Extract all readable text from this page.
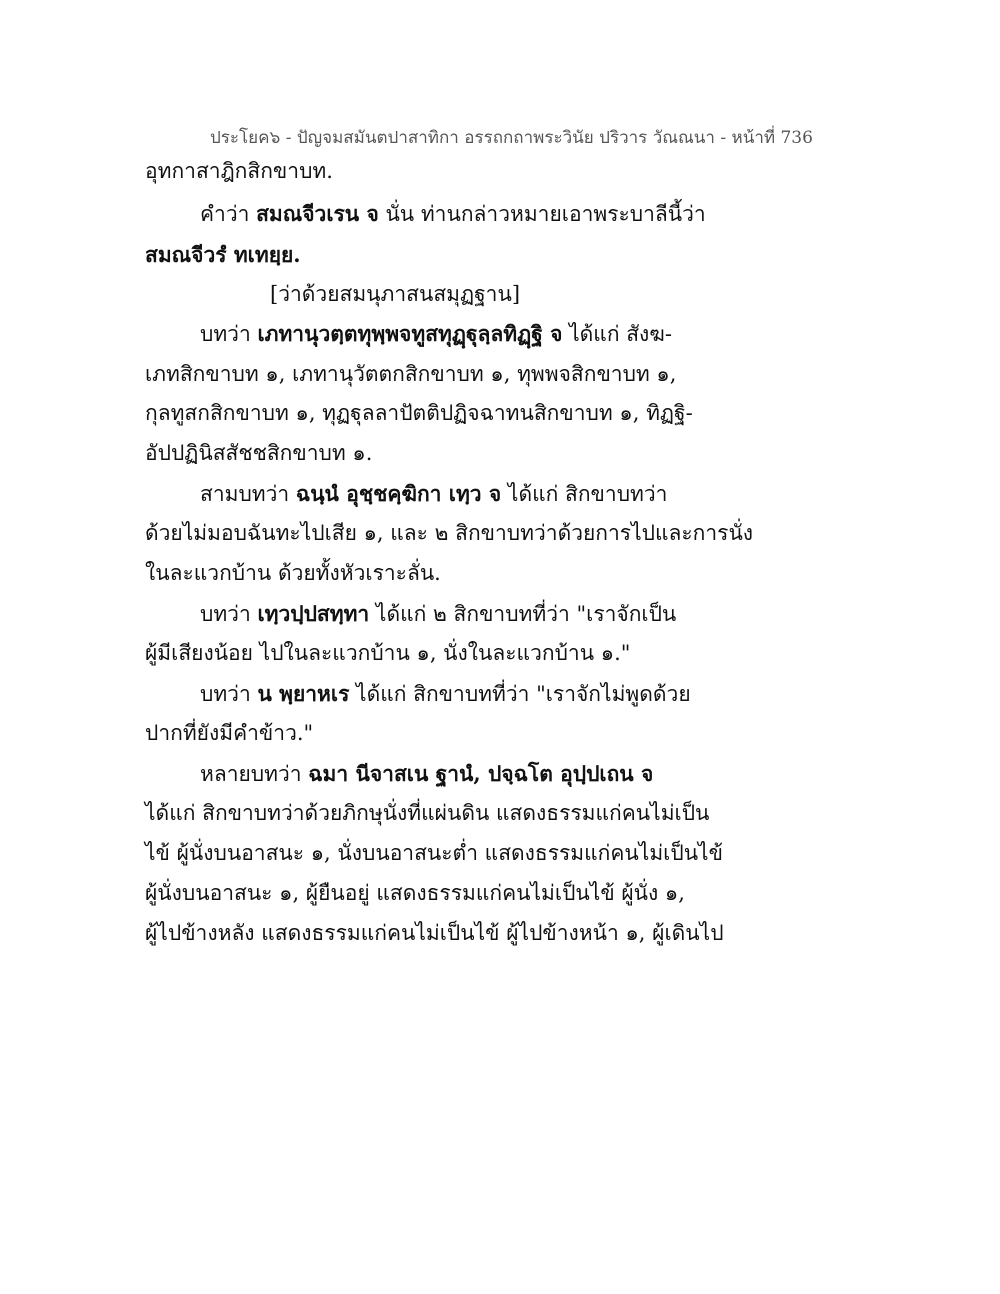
ประโยค๖ - ปัญจมสมันตปาสาทิกา อรรถกถาพระวินัย ปริวาร วัณณนา - หน้าที่ 736
อุทกาสาฎิกสิกขาบท.
คำว่า สมณจีวเรน จ นั่น ท่านกล่าวหมายเอาพระบาลีนี้ว่า
สมณจีวรํ ทเทยฺย.
[ว่าด้วยสมนุภาสนสมุฏฐาน]
บทว่า เภทานุวตฺตทุพฺพจทูสทุฏฺฐุลฺลทิฏฺฐิ จ ได้แก่ สังฆ-
เภทสิกขาบท ๑, เภทานุวัตตกสิกขาบท ๑, ทุพพจสิกขาบท ๑,
กุลทูสกสิกขาบท ๑, ทุฏฐุลลาปัตติปฏิจฉาทนสิกขาบท ๑, ทิฏฐิ-
อัปปฏินิสสัชชสิกขาบท ๑.
สามบทว่า ฉนฺนํ อุชฺชคฺฆิกา เทฺว จ ได้แก่ สิกขาบทว่า
ด้วยไม่มอบฉันทะไปเสีย ๑, และ ๒ สิกขาบทว่าด้วยการไปและการนั่ง
ในละแวกบ้าน ด้วยทั้งหัวเราะลั่น.
บทว่า เทฺวปฺปสทฺทา ได้แก่ ๒ สิกขาบทที่ว่า "เราจักเป็น
ผู้มีเสียงน้อย ไปในละแวกบ้าน ๑, นั่งในละแวกบ้าน ๑."
บทว่า น พฺยาหเร ได้แก่ สิกขาบทที่ว่า "เราจักไม่พูดด้วย
ปากที่ยังมีคำข้าว."
หลายบทว่า ฉมา นีจาสเน ฐานํ, ปจฺฉโต อุปฺปเถน จ
ได้แก่ สิกขาบทว่าด้วยภิกษุนั่งที่แผ่นดิน แสดงธรรมแก่คนไม่เป็น
ไข้ ผู้นั่งบนอาสนะ ๑, นั่งบนอาสนะต่ำ แสดงธรรมแก่คนไม่เป็นไข้
ผู้นั่งบนอาสนะ ๑, ผู้ยืนอยู่ แสดงธรรมแก่คนไม่เป็นไข้ ผู้นั่ง ๑,
ผู้ไปข้างหลัง แสดงธรรมแก่คนไม่เป็นไข้ ผู้ไปข้างหน้า ๑, ผู้เดินไป
